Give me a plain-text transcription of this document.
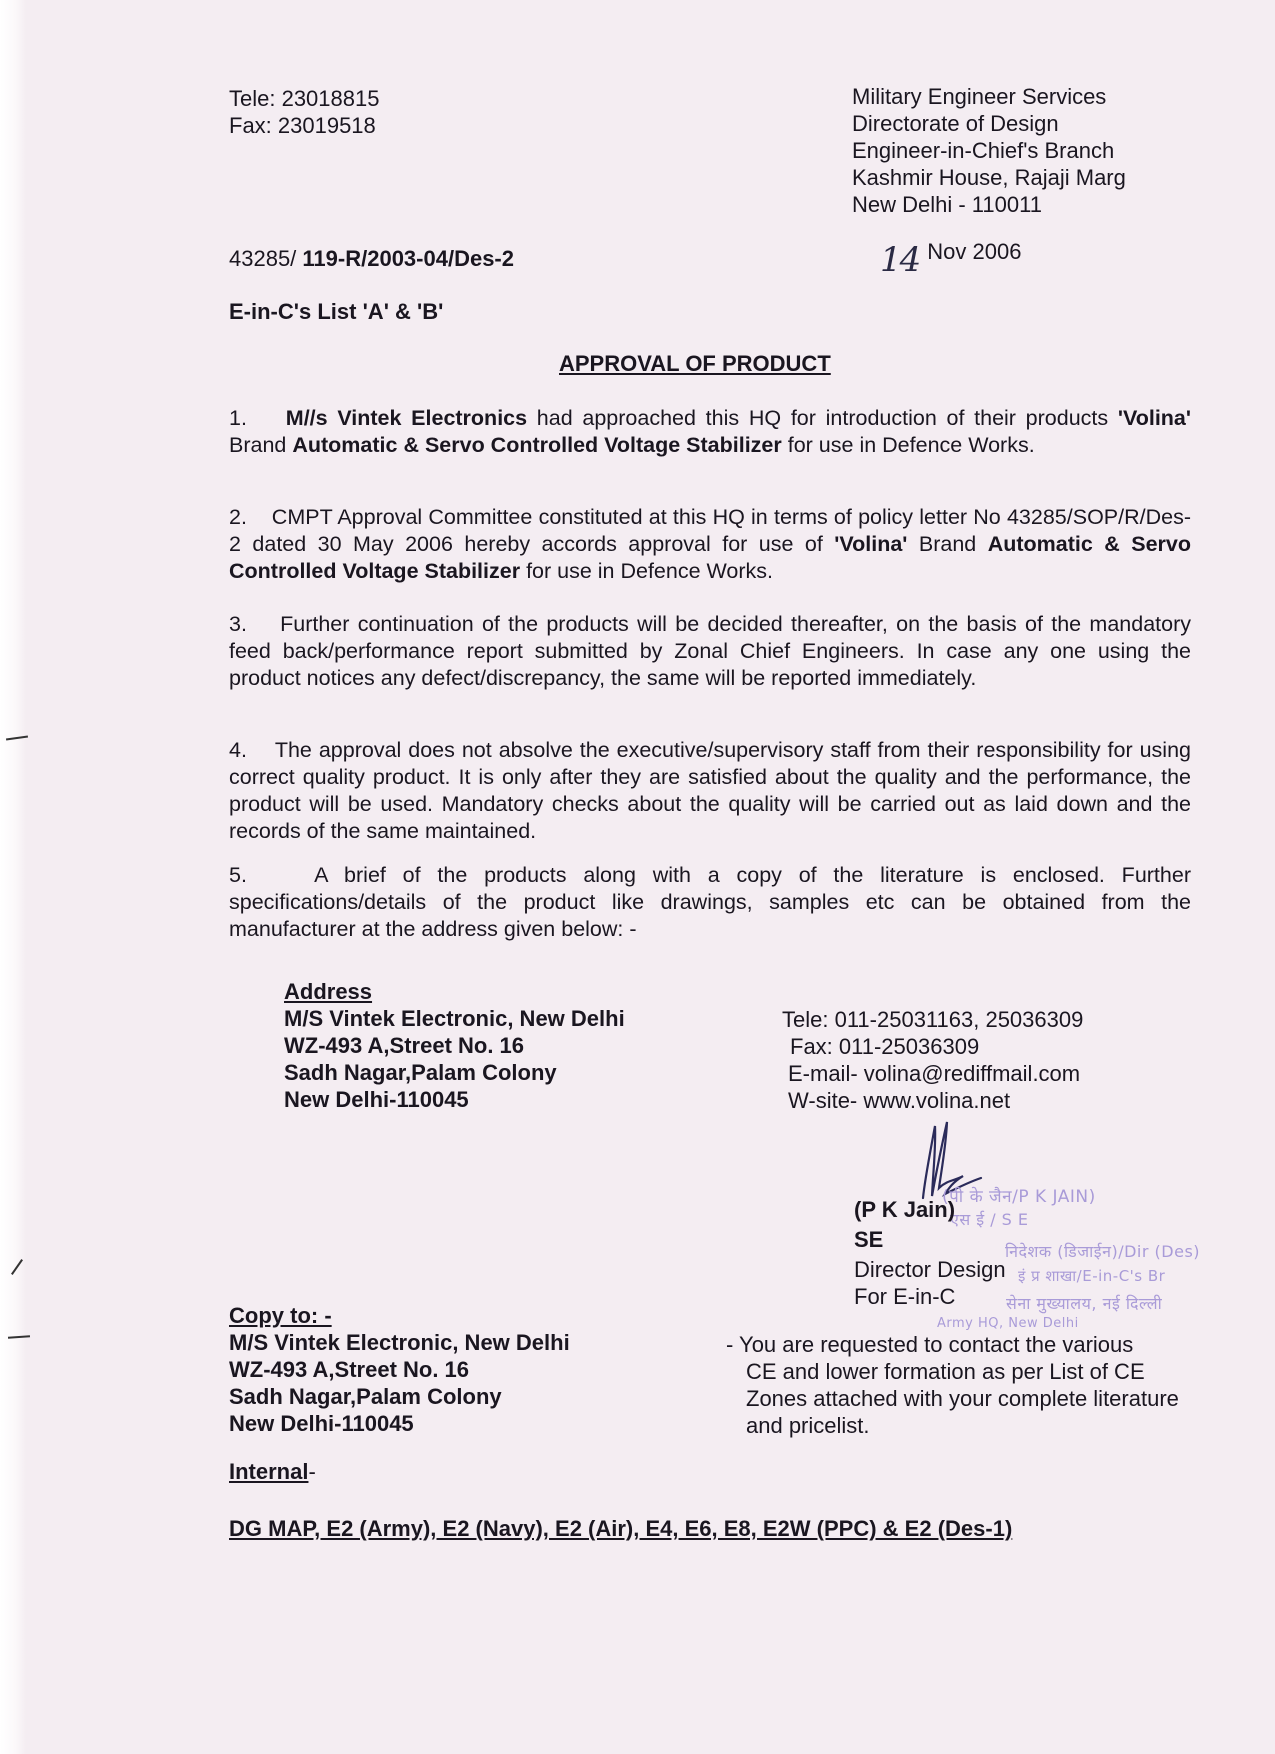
Tele: 23018815
Fax: 23019518
Military Engineer Services
Directorate of Design
Engineer-in-Chief's Branch
Kashmir House, Rajaji Marg
New Delhi - 110011
43285/ 119-R/2003-04/Des-2	14 Nov 2006
E-in-C's List 'A' & 'B'
APPROVAL OF PRODUCT

1. M//s Vintek Electronics had approached this HQ for introduction of their products 'Volina' Brand Automatic & Servo Controlled Voltage Stabilizer for use in Defence Works.

2. CMPT Approval Committee constituted at this HQ in terms of policy letter No 43285/SOP/R/Des-2 dated 30 May 2006 hereby accords approval for use of 'Volina' Brand Automatic & Servo Controlled Voltage Stabilizer for use in Defence Works.

3. Further continuation of the products will be decided thereafter, on the basis of the mandatory feed back/performance report submitted by Zonal Chief Engineers. In case any one using the product notices any defect/discrepancy, the same will be reported immediately.

4. The approval does not absolve the executive/supervisory staff from their responsibility for using correct quality product. It is only after they are satisfied about the quality and the performance, the product will be used. Mandatory checks about the quality will be carried out as laid down and the records of the same maintained.

5.	A brief of the products along with a copy of the literature is enclosed. Further specifications/details of the product like drawings, samples etc can be obtained from the manufacturer at the address given below: -

Address
M/S Vintek Electronic, New Delhi
WZ-493 A,Street No. 16
Sadh Nagar,Palam Colony
New Delhi-110045
Tele: 011-25031163, 25036309
Fax: 011-25036309
E-mail- volina@rediffmail.com
W-site- www.volina.net
(पी के जैन/P K JAIN)
एस ई / S E
निदेशक (डिजाईन)/Dir (Des)
इं प्र शाखा/E-in-C's Br
सेना मुख्यालय, नई दिल्ली
Army HQ, New Delhi
(P K Jain)
SE
Director Design
For E-in-C
Copy to: -
M/S Vintek Electronic, New Delhi
WZ-493 A,Street No. 16
Sadh Nagar,Palam Colony
New Delhi-110045
- You are requested to contact the various
CE and lower formation as per List of CE
Zones attached with your complete literature
and pricelist.
Internal-
DG MAP, E2 (Army), E2 (Navy), E2 (Air), E4, E6, E8, E2W (PPC) & E2 (Des-1)
